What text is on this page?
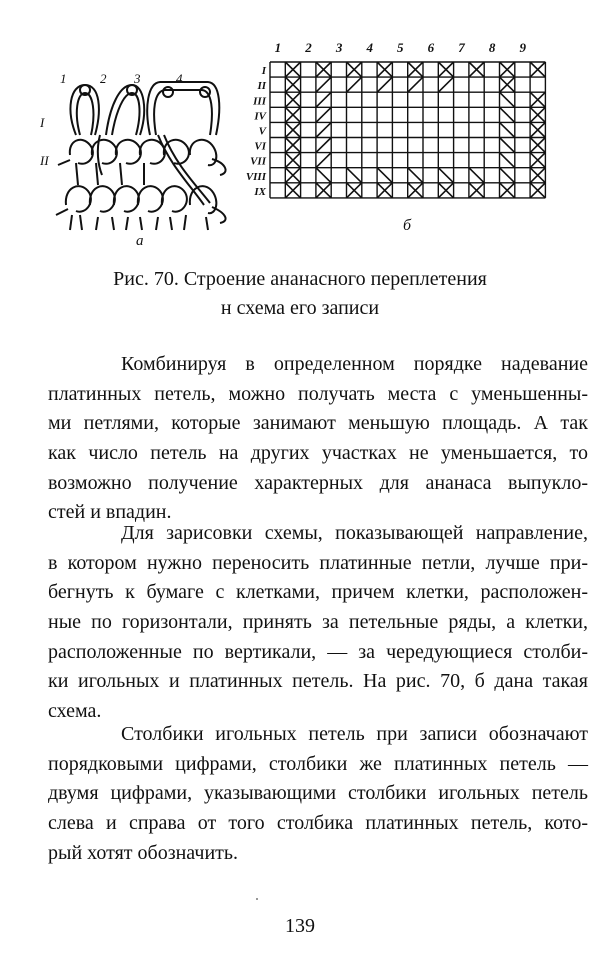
1	2 3	4
I
II
а
1 2 3 4 5 6 7 8 9
I
II
III
IV
V
VI
VII
VIII
IX
б
Рис. 70. Строение ананасного переплетения
н схема его записи
Комбинируя в определенном порядке надевание
платинных петель, можно получать места с уменьшенны-
ми петлями, которые занимают меньшую площадь. А так
как число петель на других участках не уменьшается, то
возможно получение характерных для ананаса выпукло-
стей и впадин.
Для зарисовки схемы, показывающей направление,
в котором нужно переносить платинные петли, лучше при-
бегнуть к бумаге с клетками, причем клетки, расположен-
ные по горизонтали, принять за петельные ряды, а клетки,
расположенные по вертикали, — за чередующиеся столби-
ки игольных и платинных петель. На рис. 70, б дана такая
схема.
Столбики игольных петель при записи обозначают
порядковыми цифрами, столбики же платинных петель —
двумя цифрами, указывающими столбики игольных петель
слева и справа от того столбика платинных петель, кото-
рый хотят обозначить.
139
